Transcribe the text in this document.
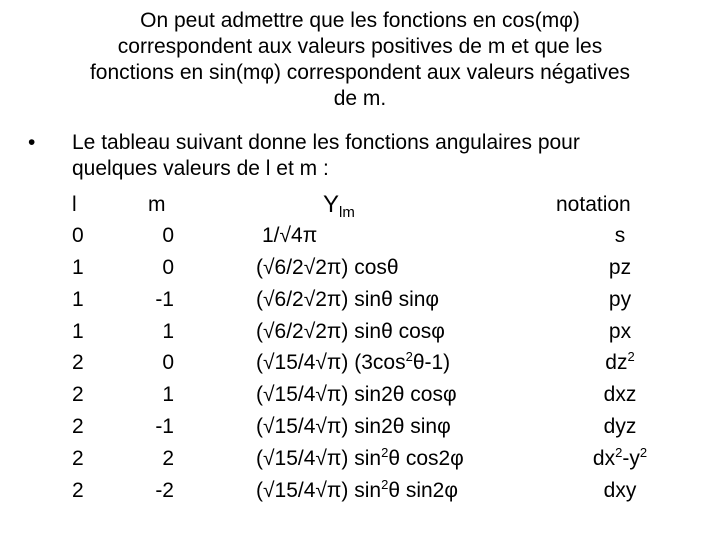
On peut admettre que les fonctions en cos(mφ)
correspondent aux valeurs positives de m et que les
fonctions en sin(mφ) correspondent aux valeurs négatives
de m.
• Le tableau suivant donne les fonctions angulaires pour
quelques valeurs de l et m :
l	m	$Y_{lm}$	notation
0	0	1/√4π	s
1	0	(√6/2√2π) cosθ	pz
1	-1	(√6/2√2π) sinθ sinφ	py
1	1	(√6/2√2π) sinθ cosφ	px
2	0	(√15/4√π) $(3\cos^2\theta-1)$	$dz^2$
2	1	(√15/4√π) sin2θ cosφ	dxz
2	-1	(√15/4√π) sin2θ sinφ	dyz
2	2	(√15/4√π) $\sin^2\theta$ cos2φ	$dx^2-y^2$
2	-2	(√15/4√π) $\sin^2\theta$ sin2φ	dxy
